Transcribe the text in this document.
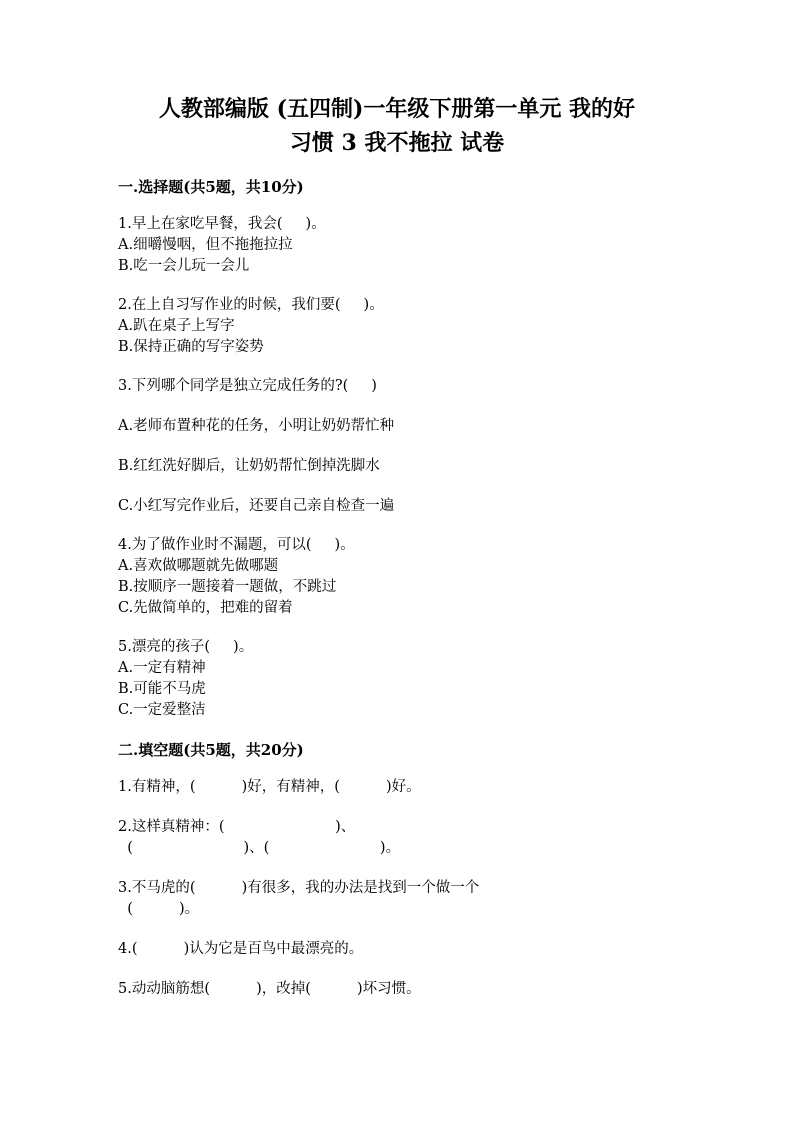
人教部编版 (五四制)一年级下册第一单元 我的好
习惯 3 我不拖拉 试卷
一.选择题(共5题，共10分)
1.早上在家吃早餐，我会(     )。
A.细嚼慢咽，但不拖拖拉拉
B.吃一会儿玩一会儿
2.在上自习写作业的时候，我们要(     )。
A.趴在桌子上写字
B.保持正确的写字姿势
3.下列哪个同学是独立完成任务的?(     )
A.老师布置种花的任务，小明让奶奶帮忙种
B.红红洗好脚后，让奶奶帮忙倒掉洗脚水
C.小红写完作业后，还要自己亲自检查一遍
4.为了做作业时不漏题，可以(     )。
A.喜欢做哪题就先做哪题
B.按顺序一题接着一题做，不跳过
C.先做简单的，把难的留着
5.漂亮的孩子(     )。
A.一定有精神
B.可能不马虎
C.一定爱整洁
二.填空题(共5题，共20分)
1.有精神，(          )好，有精神，(          )好。
2.这样真精神：(                        )、
(                        )、(                        )。
3.不马虎的(          )有很多，我的办法是找到一个做一个
(          )。
4.(          )认为它是百鸟中最漂亮的。
5.动动脑筋想(          )，改掉(          )坏习惯。
